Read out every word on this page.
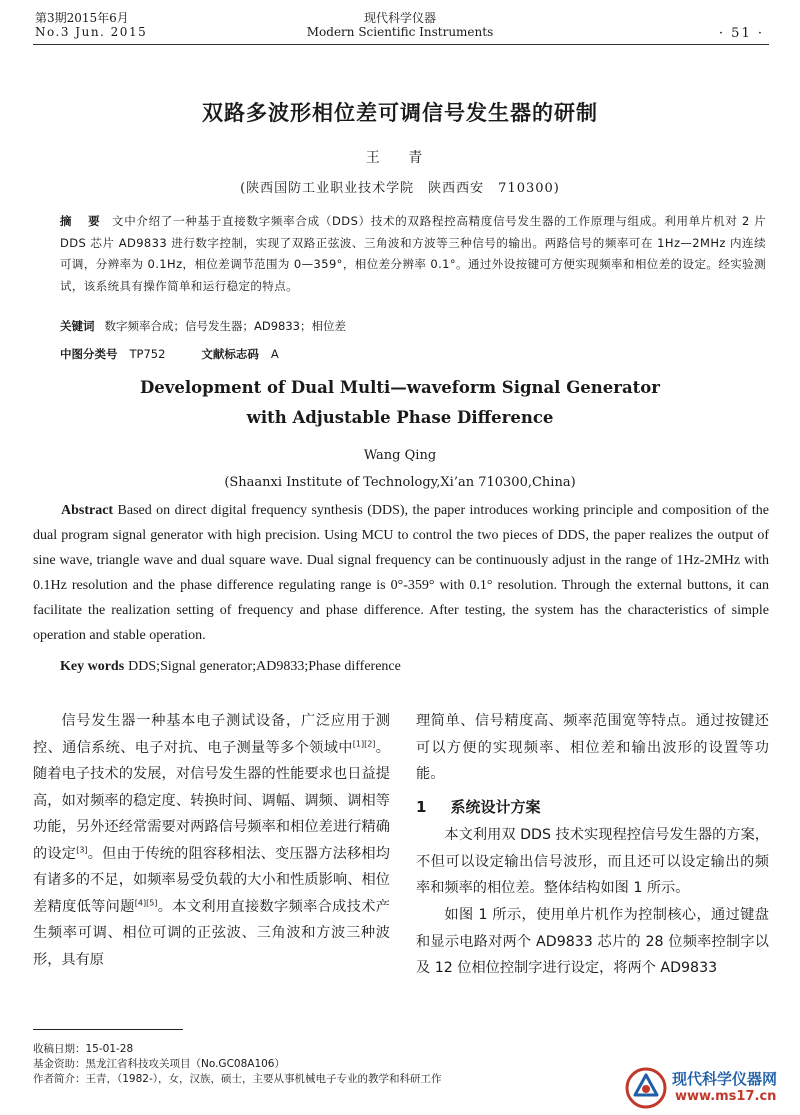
第3期2015年6月
No.3 Jun. 2015
现代科学仪器
Modern Scientific Instruments	· 51 ·
双路多波形相位差可调信号发生器的研制
王 青
(陕西国防工业职业技术学院　陕西西安　710300)
摘 要 文中介绍了一种基于直接数字频率合成（DDS）技术的双路程控高精度信号发生器的工作原理与组成。利用单片机对 2 片 DDS 芯片 AD9833 进行数字控制，实现了双路正弦波、三角波和方波等三种信号的输出。两路信号的频率可在 1Hz—2MHz 内连续可调，分辨率为 0.1Hz，相位差调节范围为 0—359°，相位差分辨率 0.1°。通过外设按键可方便实现频率和相位差的设定。经实验测试，该系统具有操作简单和运行稳定的特点。
关键词 数字频率合成；信号发生器；AD9833；相位差
中图分类号 TP752	文献标志码 A
Development of Dual Multi—waveform Signal Generator
with Adjustable Phase Difference
Wang Qing
(Shaanxi Institute of Technology,Xi’an 710300,China)
Abstract Based on direct digital frequency synthesis (DDS), the paper introduces working principle and composition of the dual program signal generator with high precision. Using MCU to control the two pieces of DDS, the paper realizes the output of sine wave, triangle wave and dual square wave. Dual signal frequency can be continuously adjust in the range of 1Hz-2MHz with 0.1Hz resolution and the phase difference regulating range is 0°-359° with 0.1° resolution. Through the external buttons, it can facilitate the realization setting of frequency and phase difference. After testing, the system has the characteristics of simple operation and stable operation.
Key words DDS;Signal generator;AD9833;Phase difference
信号发生器一种基本电子测试设备，广泛应用于测控、通信系统、电子对抗、电子测量等多个领域中[1][2]。随着电子技术的发展，对信号发生器的性能要求也日益提高，如对频率的稳定度、转换时间、调幅、调频、调相等功能，另外还经常需要对两路信号频率和相位差进行精确的设定[3]。但由于传统的阻容移相法、变压器方法移相均有诸多的不足，如频率易受负载的大小和性质影响、相位差精度低等问题[4][5]。本文利用直接数字频率合成技术产生频率可调、相位可调的正弦波、三角波和方波三种波形，具有原
理简单、信号精度高、频率范围宽等特点。通过按键还可以方便的实现频率、相位差和输出波形的设置等功能。
1 系统设计方案
本文利用双 DDS 技术实现程控信号发生器的方案，不但可以设定输出信号波形，而且还可以设定输出的频率和频率的相位差。整体结构如图 1 所示。
如图 1 所示，使用单片机作为控制核心，通过键盘和显示电路对两个 AD9833 芯片的 28 位频率控制字以及 12 位相位控制字进行设定，将两个 AD9833
收稿日期：15-01-28
基金资助：黑龙江省科技攻关项目（No.GC08A106）
作者简介：王青，（1982-），女，汉族，硕士，主要从事机械电子专业的教学和科研工作	现代科学仪器网
www.ms17.cn
